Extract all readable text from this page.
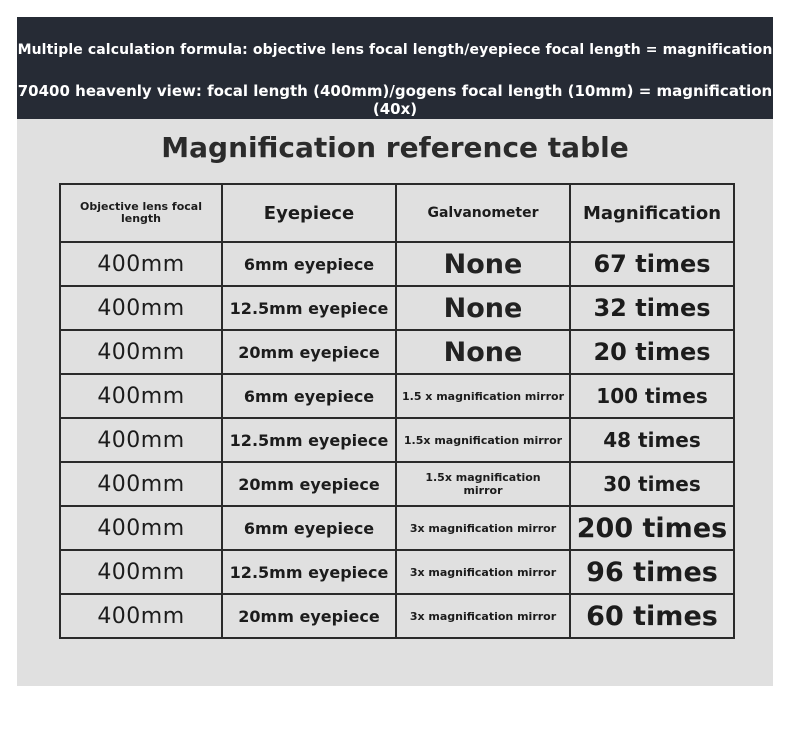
Multiple calculation formula: objective lens focal length/eyepiece focal length = magnification
70400 heavenly view: focal length (400mm)/gogens focal length (10mm) = magnification (40x)
Magnification reference table
Objective lens focal length	Eyepiece	Galvanometer	Magnification
400mm	6mm eyepiece	None	67 times
400mm	12.5mm eyepiece	None	32 times
400mm	20mm eyepiece	None	20 times
400mm	6mm eyepiece	1.5 x magnification mirror	100 times
400mm	12.5mm eyepiece	1.5x magnification mirror	48 times
400mm	20mm eyepiece	1.5x magnification mirror	30 times
400mm	6mm eyepiece	3x magnification mirror	200 times
400mm	12.5mm eyepiece	3x magnification mirror	96 times
400mm	20mm eyepiece	3x magnification mirror	60 times
